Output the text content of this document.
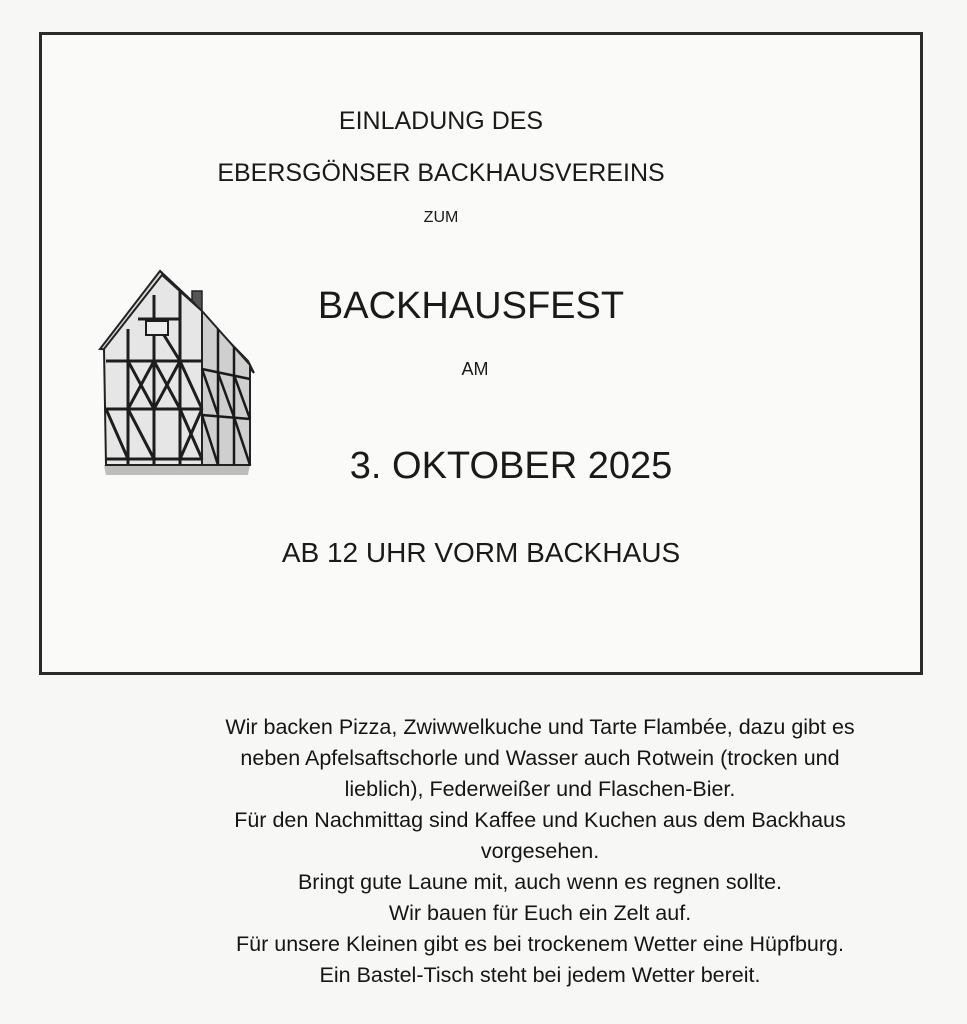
EINLADUNG DES
EBERSGÖNSER BACKHAUSVEREINS
ZUM
BACKHAUSFEST
AM
3. OKTOBER 2025
AB 12 UHR VORM BACKHAUS

Wir backen Pizza, Zwiwwelkuche und Tarte Flambée, dazu gibt es

neben Apfelsaftschorle und Wasser auch Rotwein (trocken und

lieblich), Federweißer und Flaschen-Bier.

Für den Nachmittag sind Kaffee und Kuchen aus dem Backhaus

vorgesehen.

Bringt gute Laune mit, auch wenn es regnen sollte.

Wir bauen für Euch ein Zelt auf.

Für unsere Kleinen gibt es bei trockenem Wetter eine Hüpfburg.

Ein Bastel-Tisch steht bei jedem Wetter bereit.
